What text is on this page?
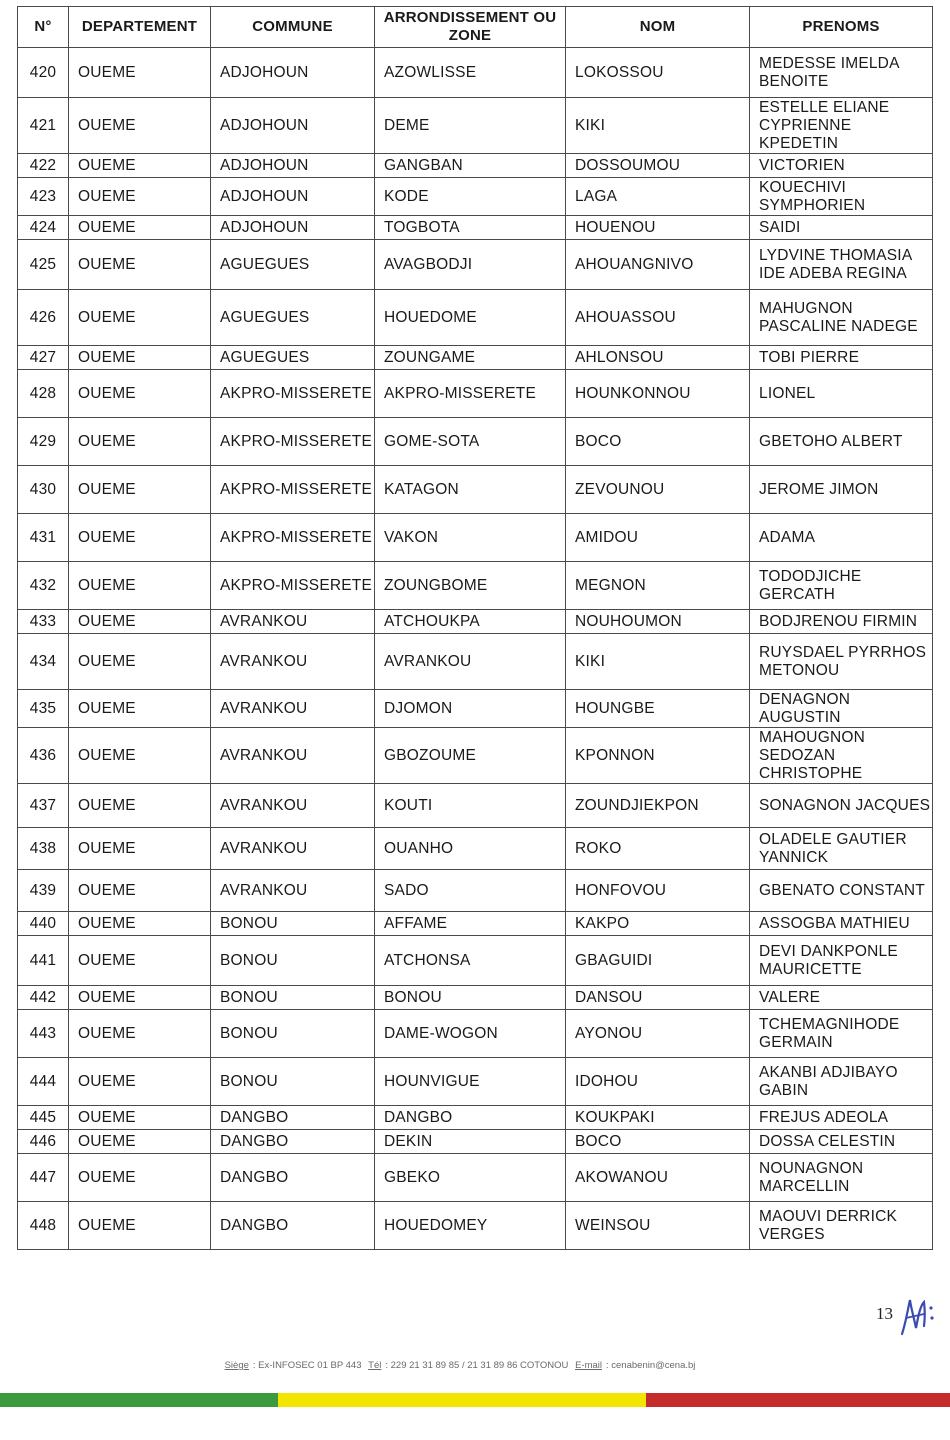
N°	DEPARTEMENT	COMMUNE	ARRONDISSEMENT OU ZONE	NOM	PRENOMS
420	OUEME	ADJOHOUN	AZOWLISSE	LOKOSSOU	MEDESSE IMELDA BENOITE
421	OUEME	ADJOHOUN	DEME	KIKI	ESTELLE ELIANE CYPRIENNE KPEDETIN
422	OUEME	ADJOHOUN	GANGBAN	DOSSOUMOU	VICTORIEN
423	OUEME	ADJOHOUN	KODE	LAGA	KOUECHIVI SYMPHORIEN
424	OUEME	ADJOHOUN	TOGBOTA	HOUENOU	SAIDI
425	OUEME	AGUEGUES	AVAGBODJI	AHOUANGNIVO	LYDVINE THOMASIA IDE ADEBA REGINA
426	OUEME	AGUEGUES	HOUEDOME	AHOUASSOU	MAHUGNON PASCALINE NADEGE
427	OUEME	AGUEGUES	ZOUNGAME	AHLONSOU	TOBI PIERRE
428	OUEME	AKPRO-MISSERETE	AKPRO-MISSERETE	HOUNKONNOU	LIONEL
429	OUEME	AKPRO-MISSERETE	GOME-SOTA	BOCO	GBETOHO ALBERT
430	OUEME	AKPRO-MISSERETE	KATAGON	ZEVOUNOU	JEROME JIMON
431	OUEME	AKPRO-MISSERETE	VAKON	AMIDOU	ADAMA
432	OUEME	AKPRO-MISSERETE	ZOUNGBOME	MEGNON	TODODJICHE GERCATH
433	OUEME	AVRANKOU	ATCHOUKPA	NOUHOUMON	BODJRENOU FIRMIN
434	OUEME	AVRANKOU	AVRANKOU	KIKI	RUYSDAEL PYRRHOS METONOU
435	OUEME	AVRANKOU	DJOMON	HOUNGBE	DENAGNON AUGUSTIN
436	OUEME	AVRANKOU	GBOZOUME	KPONNON	MAHOUGNON SEDOZAN CHRISTOPHE
437	OUEME	AVRANKOU	KOUTI	ZOUNDJIEKPON	SONAGNON JACQUES
438	OUEME	AVRANKOU	OUANHO	ROKO	OLADELE GAUTIER YANNICK
439	OUEME	AVRANKOU	SADO	HONFOVOU	GBENATO CONSTANT
440	OUEME	BONOU	AFFAME	KAKPO	ASSOGBA MATHIEU
441	OUEME	BONOU	ATCHONSA	GBAGUIDI	DEVI DANKPONLE MAURICETTE
442	OUEME	BONOU	BONOU	DANSOU	VALERE
443	OUEME	BONOU	DAME-WOGON	AYONOU	TCHEMAGNIHODE GERMAIN
444	OUEME	BONOU	HOUNVIGUE	IDOHOU	AKANBI ADJIBAYO GABIN
445	OUEME	DANGBO	DANGBO	KOUKPAKI	FREJUS ADEOLA
446	OUEME	DANGBO	DEKIN	BOCO	DOSSA CELESTIN
447	OUEME	DANGBO	GBEKO	AKOWANOU	NOUNAGNON MARCELLIN
448	OUEME	DANGBO	HOUEDOMEY	WEINSOU	MAOUVI DERRICK VERGES
13
Siège : Ex-INFOSEC 01 BP 443 Tél : 229 21 31 89 85 / 21 31 89 86 COTONOU E-mail : cenabenin@cena.bj
